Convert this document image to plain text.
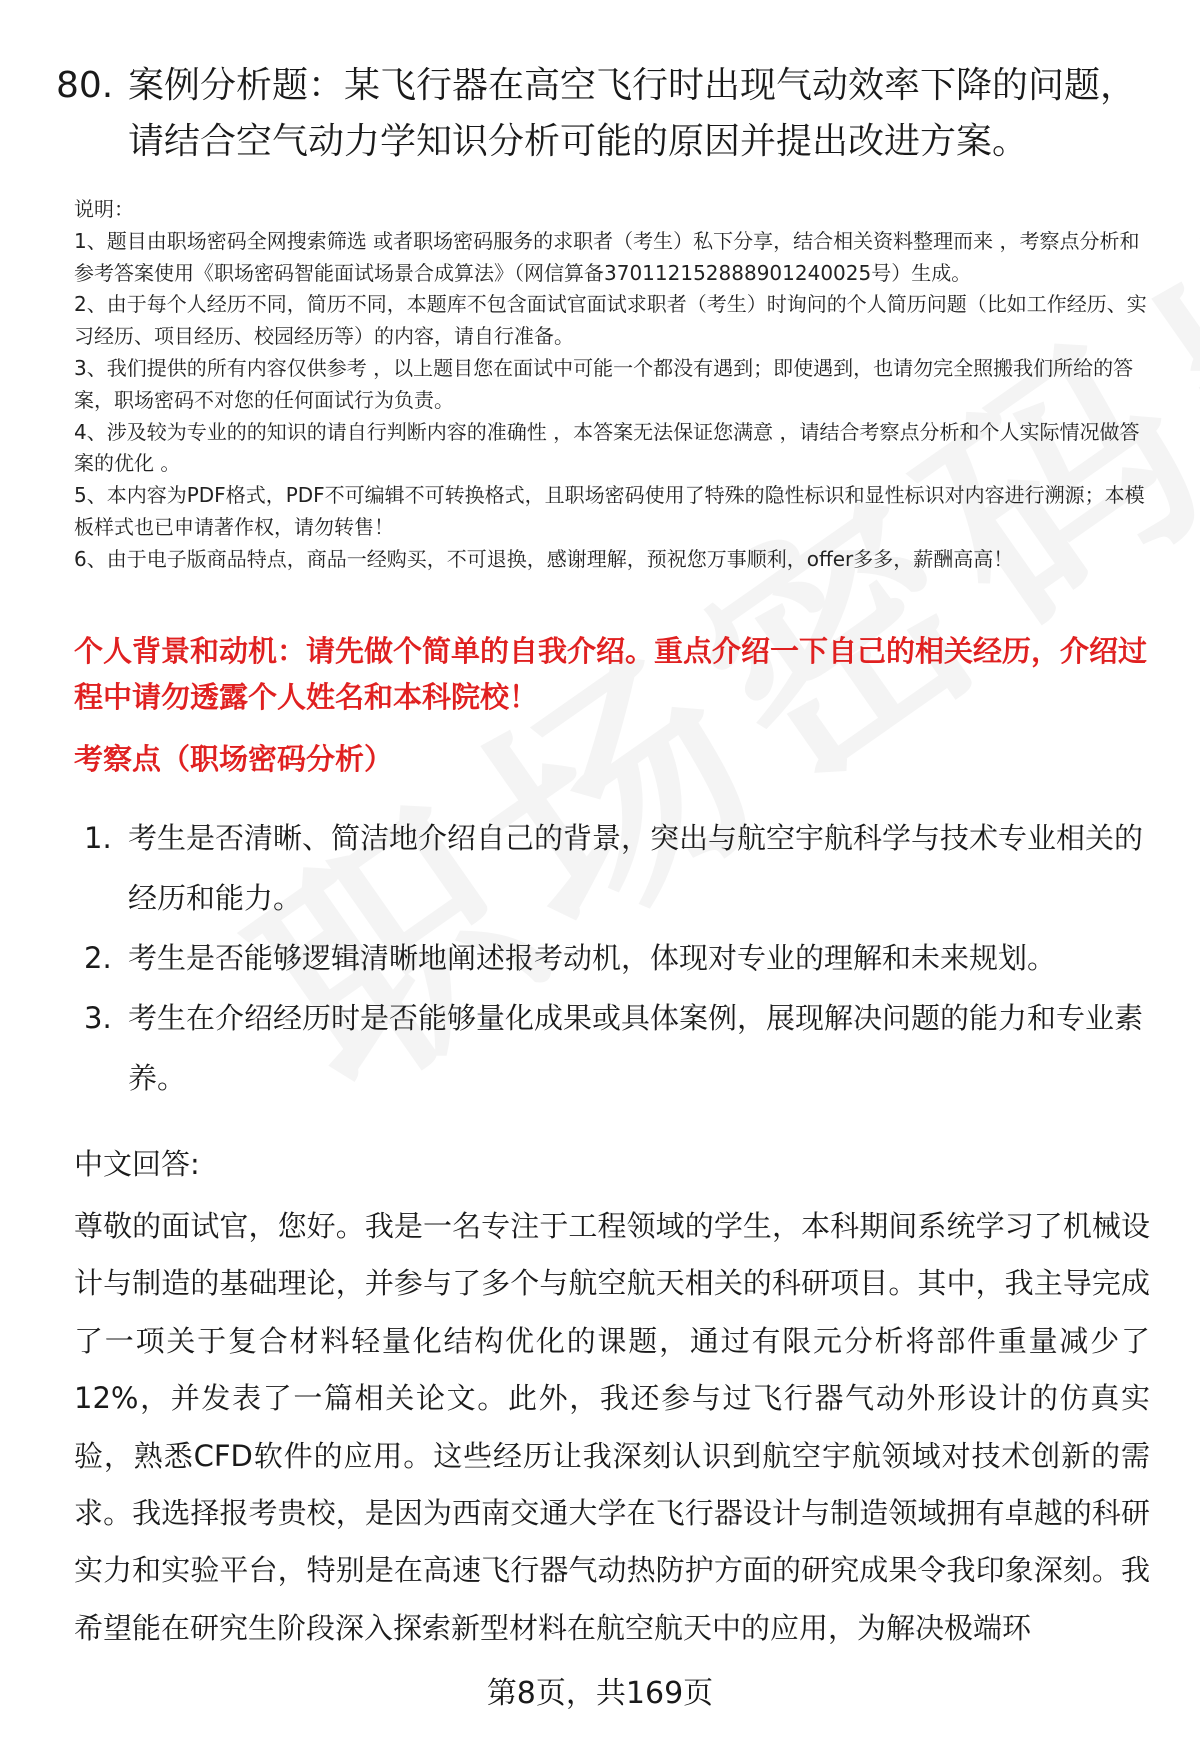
80. 案例分析题：某飞行器在高空飞行时出现气动效率下降的问题，
请结合空气动力学知识分析可能的原因并提出改进方案。

说明：

1、题目由职场密码全网搜索筛选 或者职场密码服务的求职者（考生）私下分享，结合相关资料整理而来 ，考察点分析和参考答案使用《职场密码智能面试场景合成算法》（网信算备370112152888901240025号）生成。

2、由于每个人经历不同，简历不同，本题库不包含面试官面试求职者（考生）时询问的个人简历问题（比如工作经历、实习经历、项目经历、校园经历等）的内容，请自行准备。

3、我们提供的所有内容仅供参考 ，以上题目您在面试中可能一个都没有遇到；即使遇到，也请勿完全照搬我们所给的答案，职场密码不对您的任何面试行为负责。

4、涉及较为专业的的知识的请自行判断内容的准确性 ，本答案无法保证您满意 ，请结合考察点分析和个人实际情况做答案的优化 。

5、本内容为PDF格式，PDF不可编辑不可转换格式，且职场密码使用了特殊的隐性标识和显性标识对内容进行溯源；本模板样式也已申请著作权，请勿转售！

6、由于电子版商品特点，商品一经购买，不可退换，感谢理解，预祝您万事顺利，offer多多，薪酬高高！

个人背景和动机：请先做个简单的自我介绍。重点介绍一下自己的相关经历，介绍过程中请勿透露个人姓名和本科院校！
考察点（职场密码分析）
1. 考生是否清晰、简洁地介绍自己的背景，突出与航空宇航科学与技术专业相关的经历和能力。
2. 考生是否能够逻辑清晰地阐述报考动机，体现对专业的理解和未来规划。
3. 考生在介绍经历时是否能够量化成果或具体案例，展现解决问题的能力和专业素养。
中文回答:
尊敬的面试官，您好。我是一名专注于工程领域的学生，本科期间系统学习了机械设计与制造的基础理论，并参与了多个与航空航天相关的科研项目。其中，我主导完成了一项关于复合材料轻量化结构优化的课题，通过有限元分析将部件重量减少了12%，并发表了一篇相关论文。此外，我还参与过飞行器气动外形设计的仿真实验，熟悉CFD软件的应用。这些经历让我深刻认识到航空宇航领域对技术创新的需求。我选择报考贵校，是因为西南交通大学在飞行器设计与制造领域拥有卓越的科研实力和实验平台，特别是在高速飞行器气动热防护方面的研究成果令我印象深刻。我希望能在研究生阶段深入探索新型材料在航空航天中的应用，为解决极端环
第8页，共169页
